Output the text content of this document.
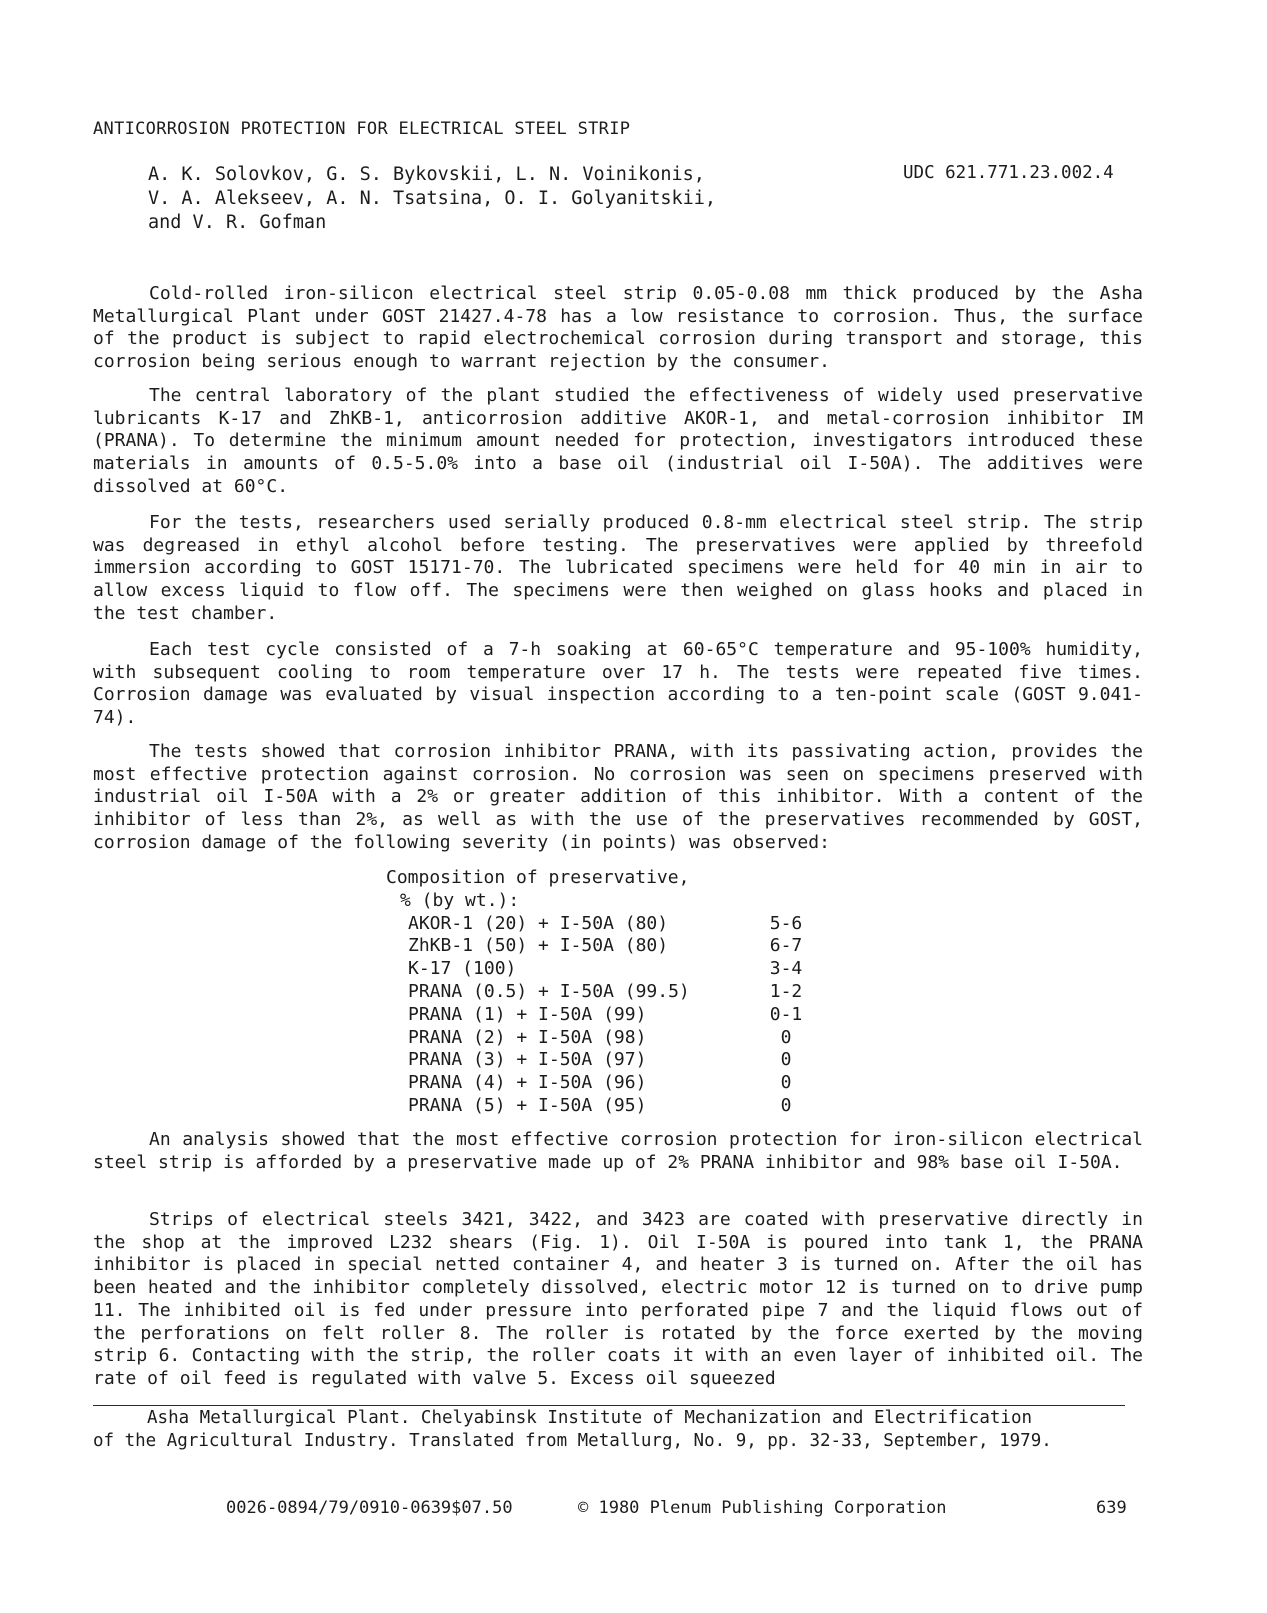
ANTICORROSION PROTECTION FOR ELECTRICAL STEEL STRIP
A. K. Solovkov, G. S. Bykovskii, L. N. Voinikonis,
V. A. Alekseev, A. N. Tsatsina, O. I. Golyanitskii,
and V. R. Gofman
UDC 621.771.23.002.4

Cold-rolled iron-silicon electrical steel strip 0.05-0.08 mm thick produced by the Asha Metallurgical Plant under GOST 21427.4-78 has a low resistance to corrosion. Thus, the surface of the product is subject to rapid electrochemical corrosion during transport and storage, this corrosion being serious enough to warrant rejection by the consumer.

The central laboratory of the plant studied the effectiveness of widely used preservative lubricants K-17 and ZhKB-1, anticorrosion additive AKOR-1, and metal-corrosion inhibitor IM (PRANA). To determine the minimum amount needed for protection, investigators introduced these materials in amounts of 0.5-5.0% into a base oil (industrial oil I-50A). The additives were dissolved at 60°C.

For the tests, researchers used serially produced 0.8-mm electrical steel strip. The strip was degreased in ethyl alcohol before testing. The preservatives were applied by threefold immersion according to GOST 15171-70. The lubricated specimens were held for 40 min in air to allow excess liquid to flow off. The specimens were then weighed on glass hooks and placed in the test chamber.

Each test cycle consisted of a 7-h soaking at 60-65°C temperature and 95-100% humidity, with subsequent cooling to room temperature over 17 h. The tests were repeated five times. Corrosion damage was evaluated by visual inspection according to a ten-point scale (GOST 9.041-74).

The tests showed that corrosion inhibitor PRANA, with its passivating action, provides the most effective protection against corrosion. No corrosion was seen on specimens preserved with industrial oil I-50A with a 2% or greater addition of this inhibitor. With a content of the inhibitor of less than 2%, as well as with the use of the preservatives recommended by GOST, corrosion damage of the following severity (in points) was observed:

Composition of preservative,
% (by wt.):
AKOR-1 (20) + I-50A (80)	5-6
ZhKB-1 (50) + I-50A (80)	6-7
K-17 (100)	3-4
PRANA (0.5) + I-50A (99.5)	1-2
PRANA (1) + I-50A (99)	0-1
PRANA (2) + I-50A (98)	0
PRANA (3) + I-50A (97)	0
PRANA (4) + I-50A (96)	0
PRANA (5) + I-50A (95)	0

An analysis showed that the most effective corrosion protection for iron-silicon electrical steel strip is afforded by a preservative made up of 2% PRANA inhibitor and 98% base oil I-50A.

Strips of electrical steels 3421, 3422, and 3423 are coated with preservative directly in the shop at the improved L232 shears (Fig. 1). Oil I-50A is poured into tank 1, the PRANA inhibitor is placed in special netted container 4, and heater 3 is turned on. After the oil has been heated and the inhibitor completely dissolved, electric motor 12 is turned on to drive pump 11. The inhibited oil is fed under pressure into perforated pipe 7 and the liquid flows out of the perforations on felt roller 8. The roller is rotated by the force exerted by the moving strip 6. Contacting with the strip, the roller coats it with an even layer of inhibited oil. The rate of oil feed is regulated with valve 5. Excess oil squeezed

Asha Metallurgical Plant. Chelyabinsk Institute of Mechanization and Electrification

of the Agricultural Industry. Translated from Metallurg, No. 9, pp. 32-33, September, 1979.
0026-0894/79/0910-0639$07.50	© 1980 Plenum Publishing Corporation	639
